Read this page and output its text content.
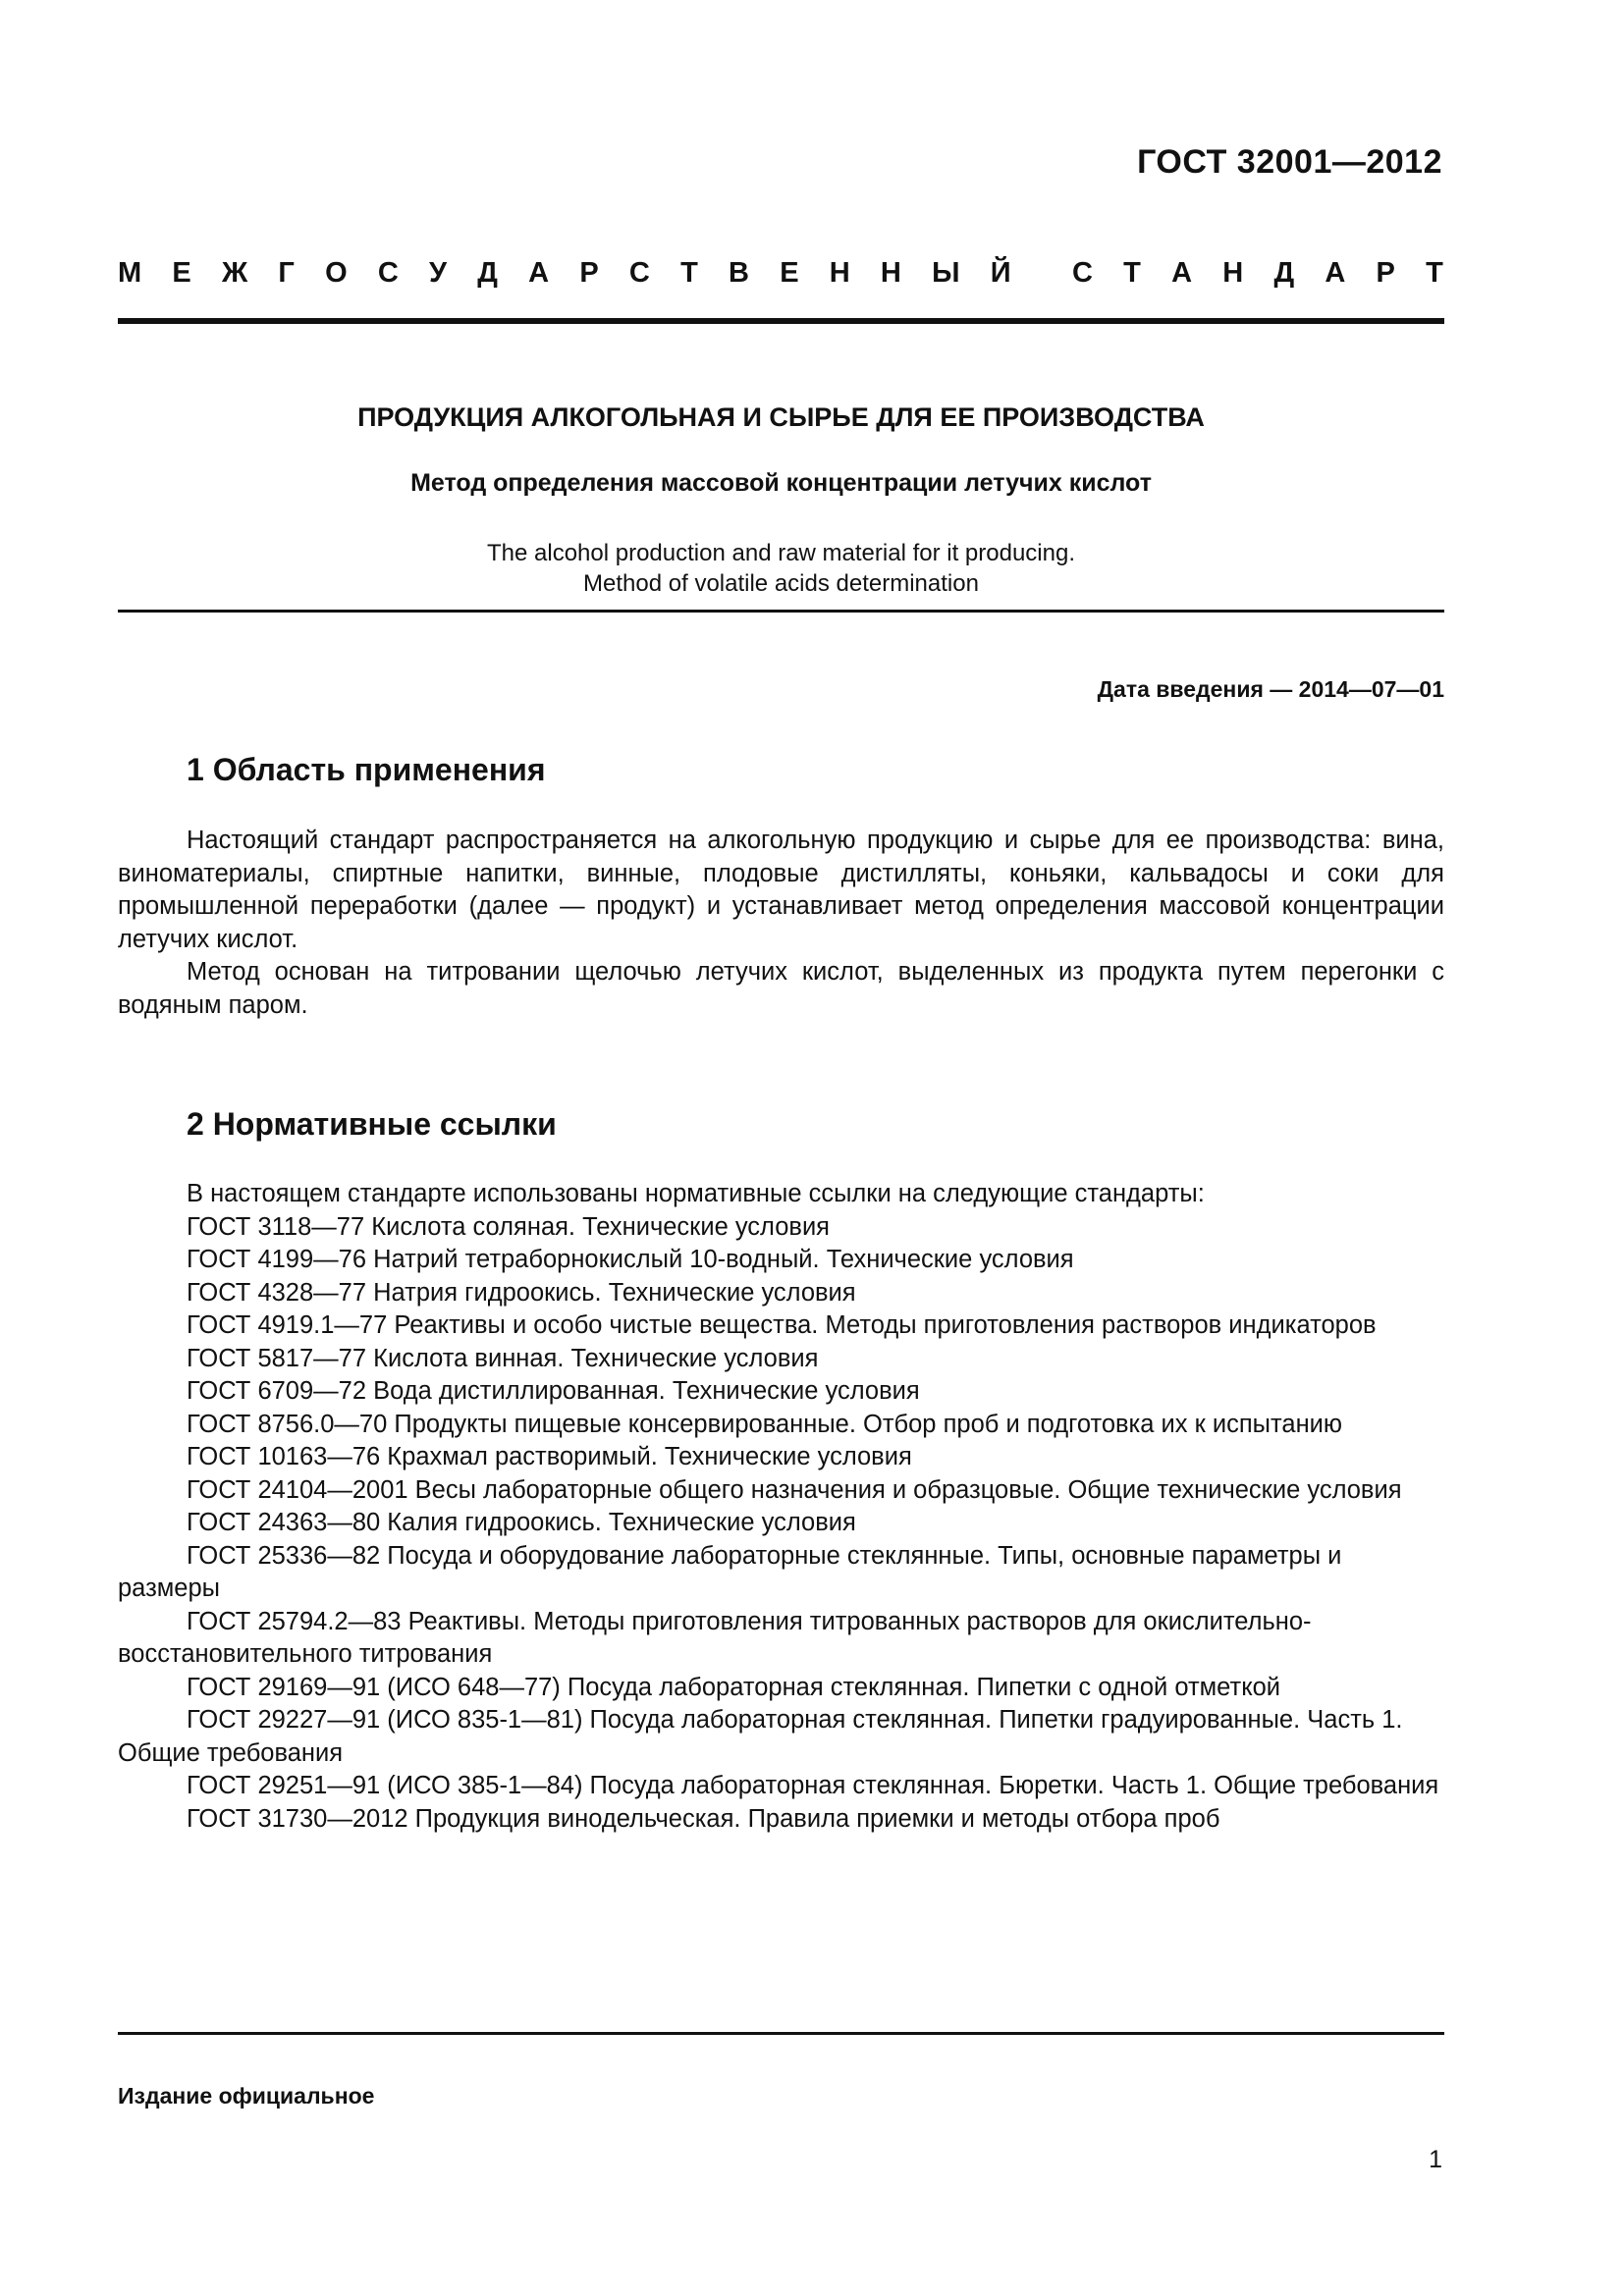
ГОСТ 32001—2012
М Е Ж Г О С У Д А Р С Т В Е Н Н Ы Й С Т А Н Д А Р Т
ПРОДУКЦИЯ АЛКОГОЛЬНАЯ И СЫРЬЕ ДЛЯ ЕЕ ПРОИЗВОДСТВА
Метод определения массовой концентрации летучих кислот
The alcohol production and raw material for it producing.
Method of volatile acids determination
Дата введения — 2014—07—01
1 Область применения

Настоящий стандарт распространяется на алкогольную продукцию и сырье для ее производства: вина, виноматериалы, спиртные напитки, винные, плодовые дистилляты, коньяки, кальвадосы и соки для промышленной переработки (далее — продукт) и устанавливает метод определения массовой концентрации летучих кислот.

Метод основан на титровании щелочью летучих кислот, выделенных из продукта путем перегонки с водяным паром.

2 Нормативные ссылки
В настоящем стандарте использованы нормативные ссылки на следующие стандарты:
ГОСТ 3118—77 Кислота соляная. Технические условия
ГОСТ 4199—76 Натрий тетраборнокислый 10-водный. Технические условия
ГОСТ 4328—77 Натрия гидроокись. Технические условия
ГОСТ 4919.1—77 Реактивы и особо чистые вещества. Методы приготовления растворов индикаторов
ГОСТ 5817—77 Кислота винная. Технические условия
ГОСТ 6709—72 Вода дистиллированная. Технические условия
ГОСТ 8756.0—70 Продукты пищевые консервированные. Отбор проб и подготовка их к испытанию
ГОСТ 10163—76 Крахмал растворимый. Технические условия
ГОСТ 24104—2001 Весы лабораторные общего назначения и образцовые. Общие технические условия
ГОСТ 24363—80 Калия гидроокись. Технические условия
ГОСТ 25336—82 Посуда и оборудование лабораторные стеклянные. Типы, основные параметры и размеры
ГОСТ 25794.2—83 Реактивы. Методы приготовления титрованных растворов для окислительно-восстановительного титрования
ГОСТ 29169—91 (ИСО 648—77) Посуда лабораторная стеклянная. Пипетки с одной отметкой
ГОСТ 29227—91 (ИСО 835-1—81) Посуда лабораторная стеклянная. Пипетки градуированные. Часть 1. Общие требования
ГОСТ 29251—91 (ИСО 385-1—84) Посуда лабораторная стеклянная. Бюретки. Часть 1. Общие требования
ГОСТ 31730—2012 Продукция винодельческая. Правила приемки и методы отбора проб
Издание официальное
1
